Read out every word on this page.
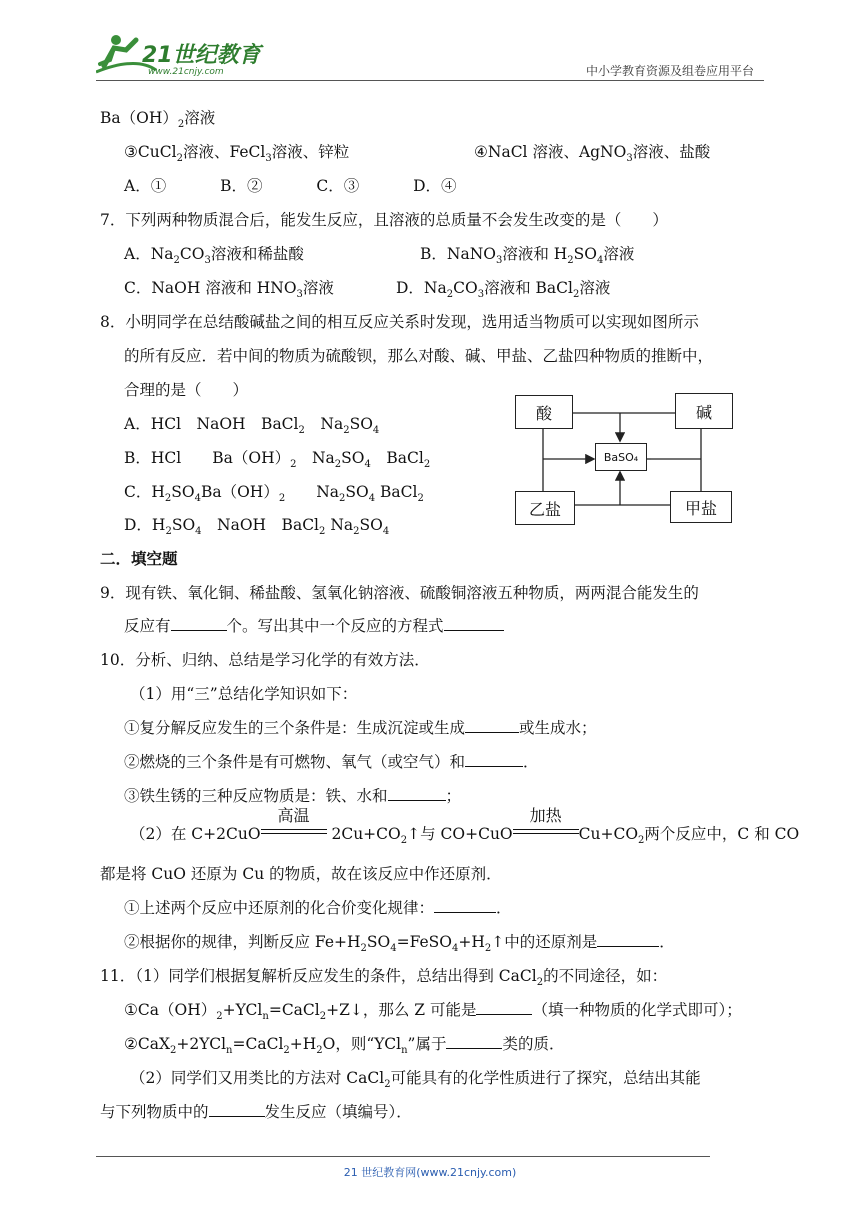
21世纪教育
www.21cnjy.com	中小学教育资源及组卷应用平台
$Ba(OH)_2$溶液
③CuCl$_2$溶液、FeCl$_3$溶液、锌粒	④NaCl 溶液、AgNO$_3$溶液、盐酸
A．①	B．②	C．③	D．④
7．下列两种物质混合后，能发生反应，且溶液的总质量不会发生改变的是（　　）
A．$Na_2CO_3$溶液和稀盐酸	B．NaNO$_3$溶液和 $H_2SO_4$溶液
C．NaOH 溶液和 $HNO_3$溶液	D．$Na_2CO_3$溶液和 BaCl$_2$溶液
8．小明同学在总结酸碱盐之间的相互反应关系时发现，选用适当物质可以实现如图所示
的所有反应．若中间的物质为硫酸钡，那么对酸、碱、甲盐、乙盐四种物质的推断中，
合理的是（　　）
A．HCl　NaOH　BaCl$_2$　$Na_2SO_4$
B．HCl　　$Ba(OH)_2$　$Na_2SO_4$　BaCl$_2$
C．$H_2SO_4Ba(OH)_2$　　$Na_2SO_4$ BaCl$_2$
D．$H_2SO_4$　NaOH　BaCl$_2$ $Na_2SO_4$
酸	碱
BaSO₄
乙盐	甲盐
二．填空题
9．现有铁、氧化铜、稀盐酸、氢氧化钠溶液、硫酸铜溶液五种物质，两两混合能发生的
反应有	个。写出其中一个反应的方程式
10．分析、归纳、总结是学习化学的有效方法．
（1）用“三”总结化学知识如下：
①复分解反应发生的三个条件是：生成沉淀或生成	或生成水；
②燃烧的三个条件是有可燃物、氧气（或空气）和	．
③铁生锈的三种反应物质是：铁、水和	；
（2）在 C+2CuO
高温
$2Cu+CO_2↑$与 CO+CuO
加热
$Cu+CO_2$两个反应中，C 和 CO
都是将 CuO 还原为 Cu 的物质，故在该反应中作还原剂．
①上述两个反应中还原剂的化合价变化规律：	．
②根据你的规律，判断反应 $Fe+H_2SO_4=FeSO_4+H_2↑$中的还原剂是	．
11．（1）同学们根据复解析反应发生的条件，总结出得到 CaCl$_2$的不同途径，如：
$①Ca(OH)_2+YCl_n=CaCl_2+Z↓$，那么 Z 可能是	（填一种物质的化学式即可）；
$②CaX_2+2YCl_n=CaCl_2+H_2O$，则“YCl$_n$”属于	类的质．
（2）同学们又用类比的方法对 CaCl$_2$可能具有的化学性质进行了探究，总结出其能
与下列物质中的	发生反应（填编号）．
21 世纪教育网(www.21cnjy.com)
